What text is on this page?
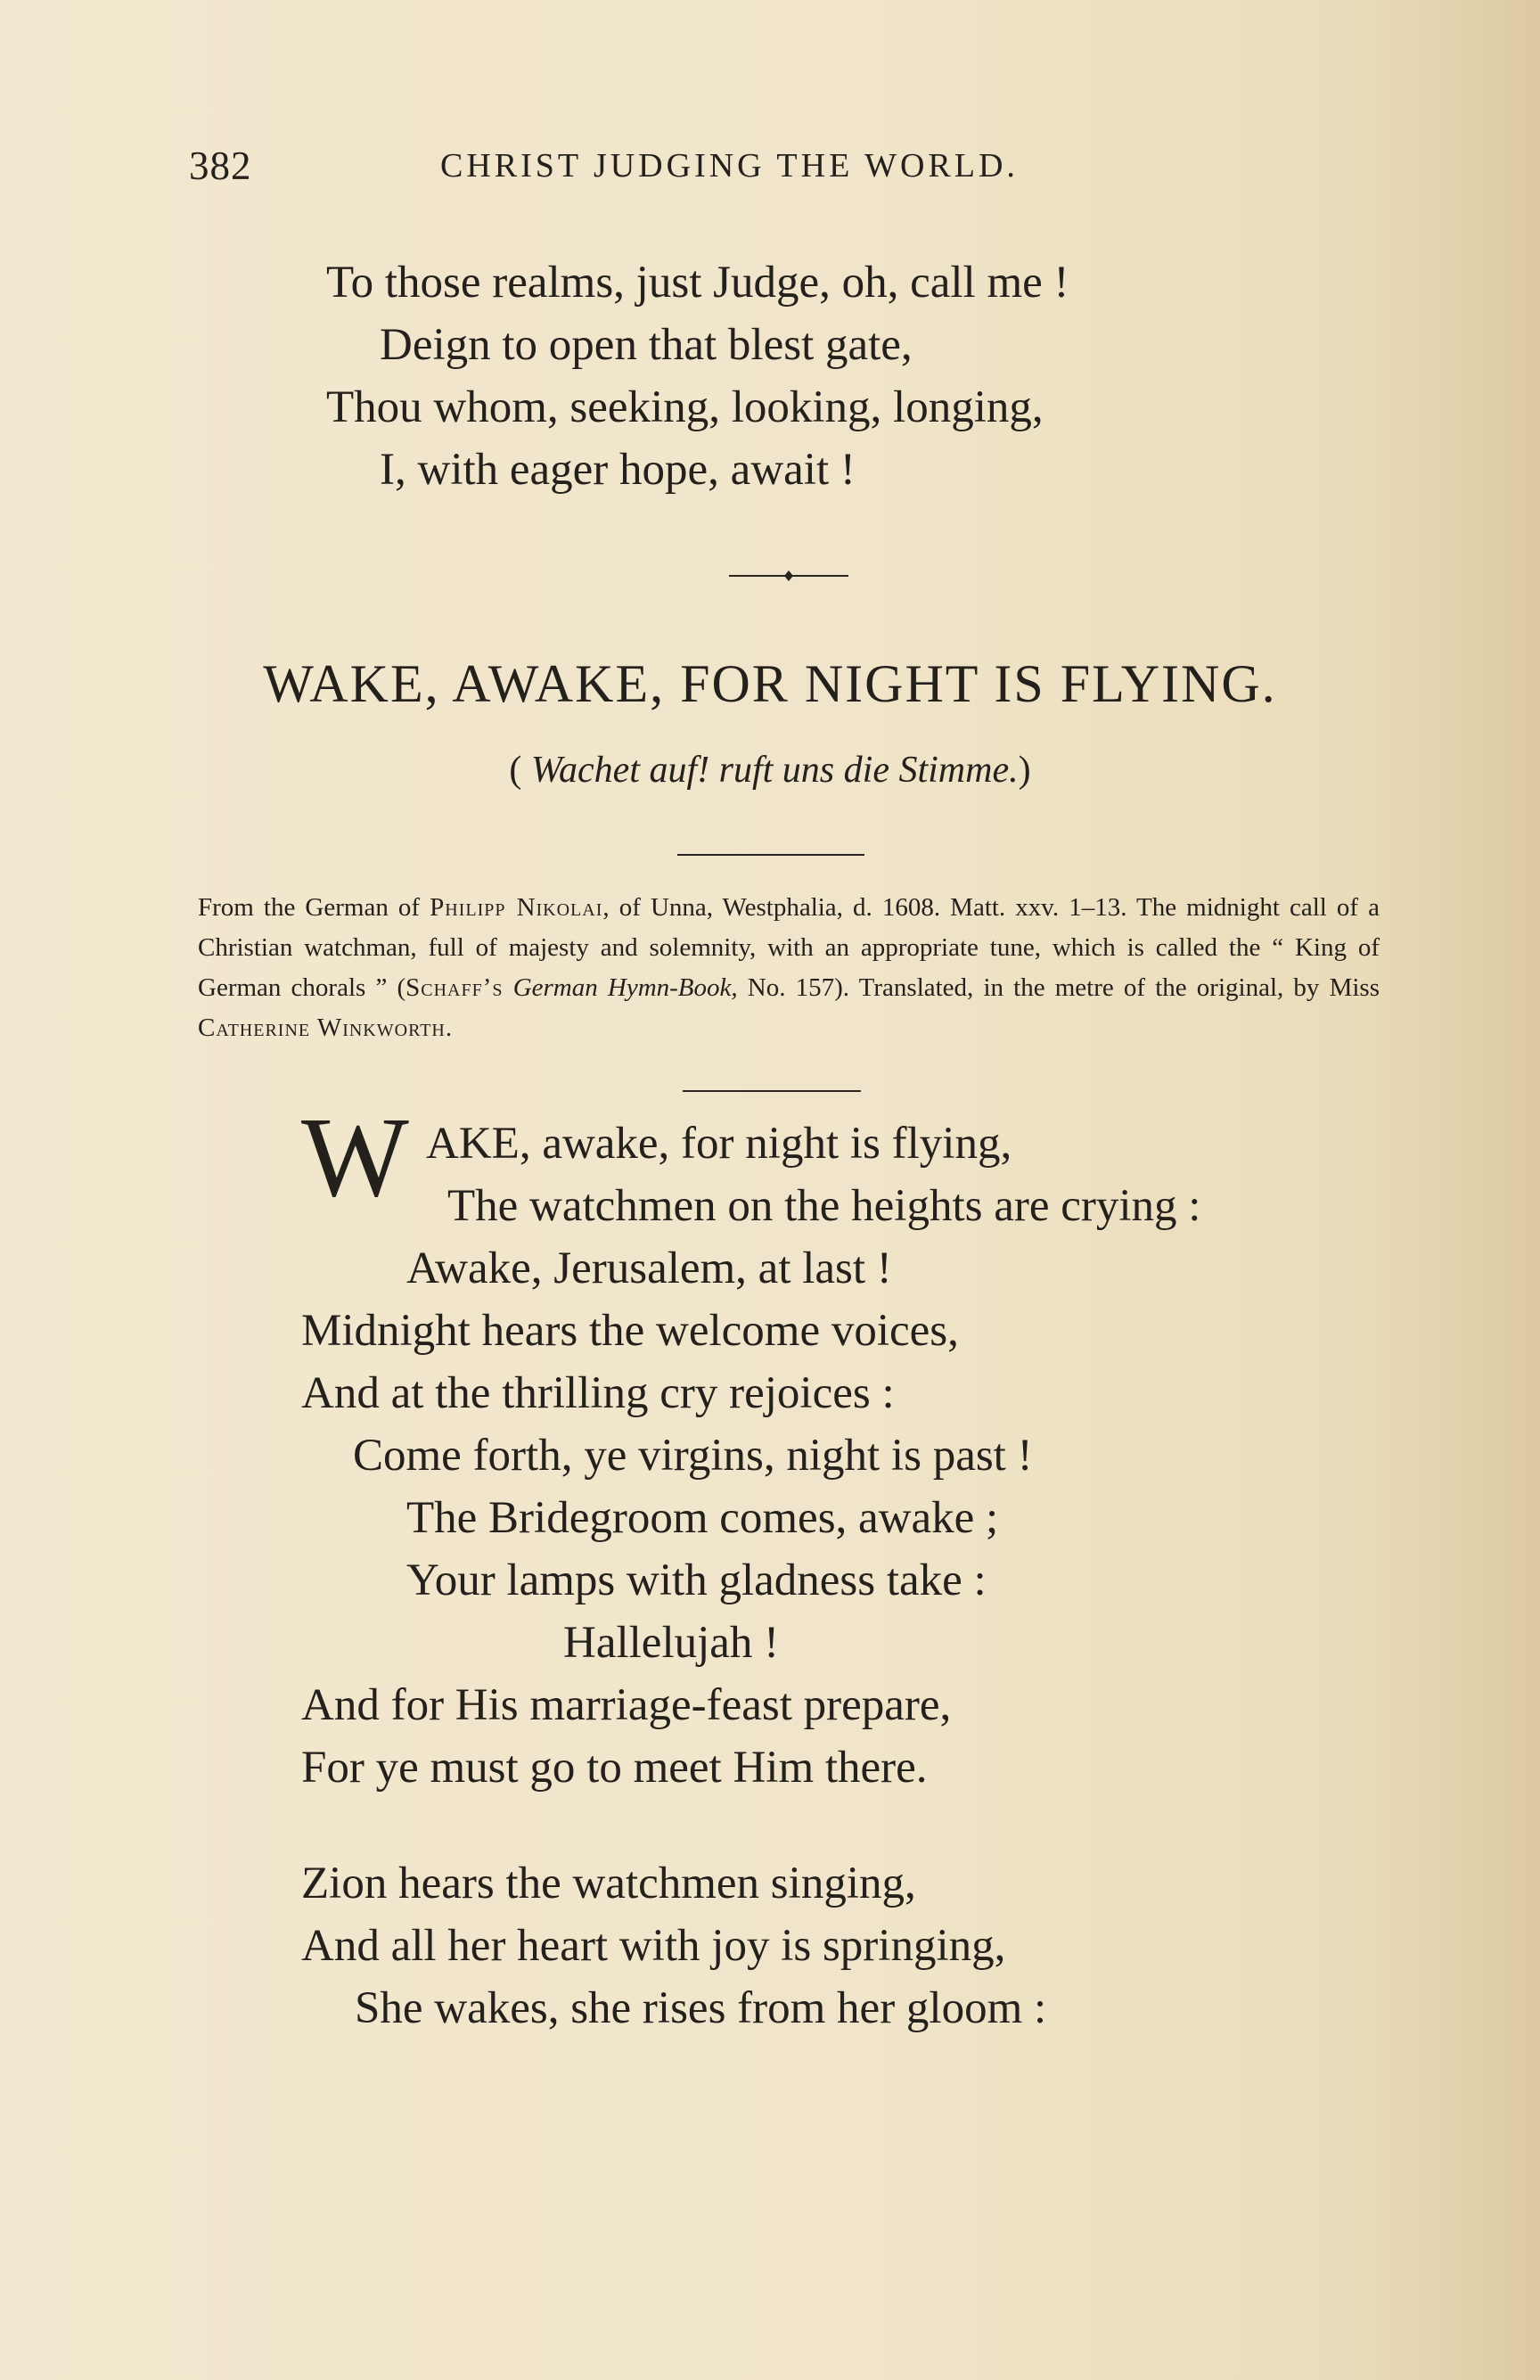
382	CHRIST JUDGING THE WORLD.
To those realms, just Judge, oh, call me !
Deign to open that blest gate,
Thou whom, seeking, looking, longing,
I, with eager hope, await !
WAKE, AWAKE, FOR NIGHT IS FLYING.
( Wachet auf! ruft uns die Stimme.)

From the German of Philipp Nikolai, of Unna, Westphalia, d. 1608. Matt. xxv. 1–13. The midnight call of a Christian watchman, full of majesty and solemnity, with an appropriate tune, which is called the “ King of German chorals ” (Schaff’s German Hymn-Book, No. 157). Translated, in the metre of the original, by Miss Catherine Winkworth.

W AKE, awake, for night is flying,
The watchmen on the heights are crying :
Awake, Jerusalem, at last !
Midnight hears the welcome voices,
And at the thrilling cry rejoices :
Come forth, ye virgins, night is past !
The Bridegroom comes, awake ;
Your lamps with gladness take :
Hallelujah !
And for His marriage-feast prepare,
For ye must go to meet Him there.
Zion hears the watchmen singing,
And all her heart with joy is springing,
She wakes, she rises from her gloom :
